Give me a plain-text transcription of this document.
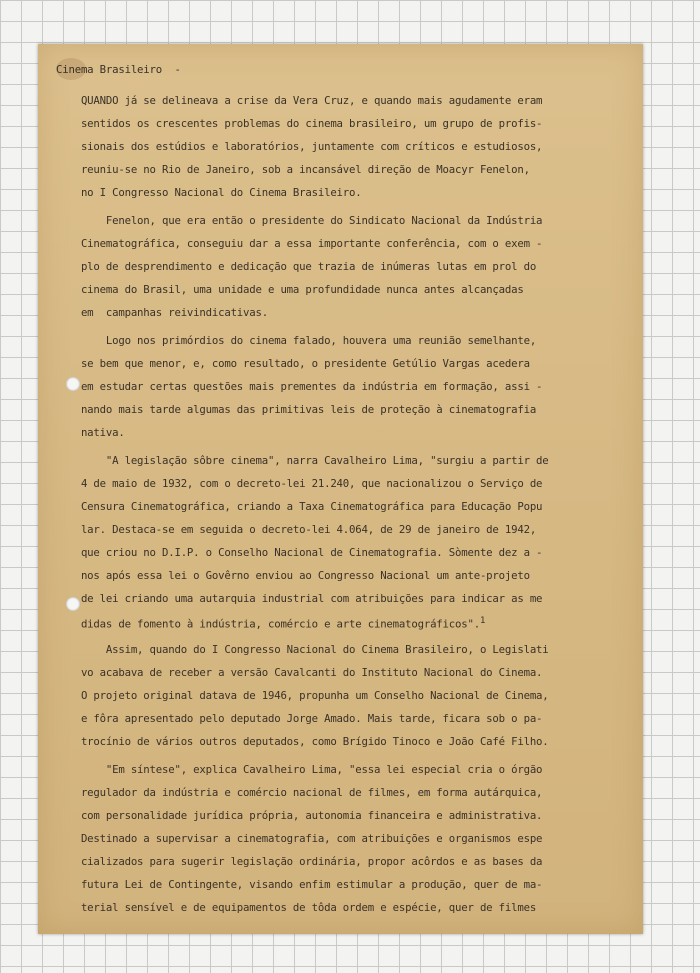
Cinema Brasileiro  -
QUANDO já se delineava a crise da Vera Cruz, e quando mais agudamente eram
sentidos os crescentes problemas do cinema brasileiro, um grupo de profis-
sionais dos estúdios e laboratórios, juntamente com críticos e estudiosos,
reuniu-se no Rio de Janeiro, sob a incansável direção de Moacyr Fenelon,
no I Congresso Nacional do Cinema Brasileiro.
Fenelon, que era então o presidente do Sindicato Nacional da Indústria
Cinematográfica, conseguiu dar a essa importante conferência, com o exem -
plo de desprendimento e dedicação que trazia de inúmeras lutas em prol do
cinema do Brasil, uma unidade e uma profundidade nunca antes alcançadas
em  campanhas reivindicativas.
Logo nos primórdios do cinema falado, houvera uma reunião semelhante,
se bem que menor, e, como resultado, o presidente Getúlio Vargas acedera
em estudar certas questões mais prementes da indústria em formação, assi -
nando mais tarde algumas das primitivas leis de proteção à cinematografia
nativa.
"A legislação sôbre cinema", narra Cavalheiro Lima, "surgiu a partir de
4 de maio de 1932, com o decreto-lei 21.240, que nacionalizou o Serviço de
Censura Cinematográfica, criando a Taxa Cinematográfica para Educação Popu
lar. Destaca-se em seguida o decreto-lei 4.064, de 29 de janeiro de 1942,
que criou no D.I.P. o Conselho Nacional de Cinematografia. Sòmente dez a -
nos após essa lei o Govêrno enviou ao Congresso Nacional um ante-projeto
de lei criando uma autarquia industrial com atribuições para indicar as me
didas de fomento à indústria, comércio e arte cinematográficos".$^1$
Assim, quando do I Congresso Nacional do Cinema Brasileiro, o Legislati
vo acabava de receber a versão Cavalcanti do Instituto Nacional do Cinema.
O projeto original datava de 1946, propunha um Conselho Nacional de Cinema,
e fôra apresentado pelo deputado Jorge Amado. Mais tarde, ficara sob o pa-
trocínio de vários outros deputados, como Brígido Tinoco e João Café Filho.
"Em síntese", explica Cavalheiro Lima, "essa lei especial cria o órgão
regulador da indústria e comércio nacional de filmes, em forma autárquica,
com personalidade jurídica própria, autonomia financeira e administrativa.
Destinado a supervisar a cinematografia, com atribuições e organismos espe
cializados para sugerir legislação ordinária, propor acôrdos e as bases da
futura Lei de Contingente, visando enfim estimular a produção, quer de ma-
terial sensível e de equipamentos de tôda ordem e espécie, quer de filmes
